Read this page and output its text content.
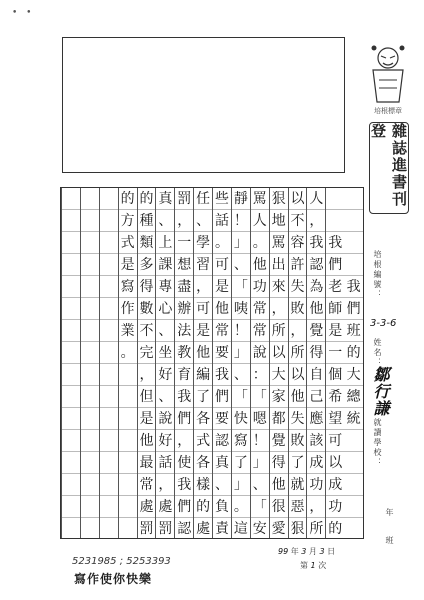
• •
培根標章
雜誌進書刊登
培根編號：
3-3-6
姓名：
鄒行謙
就讀學校：
年
班
我
們
班
的
大
總
統
我
們
老
師
是
一
個
希
望
可
以
成
功
的
人
，
我
認
為
他
覺
得
自
己
應
該
成
功
，
所
以
不
容
許
失
敗
，
所
以
他
失
敗
了
就
惡
狠
狠
地
罵
出
來
，
所
以
大
家
都
覺
得
他
很
愛
罵
人
。
他
功
常
常
說
：
「
嗯
！
」
、
「
安
靜
！
」
、
「
咦
！
」
、
「
快
寫
了
」
。
這
些
話
。
可
是
他
常
要
我
們
要
認
真
、
負
責
任
、
學
習
，
可
是
他
編
了
各
式
各
樣
的
處
罰
，
一
想
盡
辦
法
教
育
我
們
，
使
我
們
認
真
、
上
課
專
心
、
坐
好
、
說
好
話
，
處
罰
的
種
類
多
得
數
不
完
，
但
是
他
最
常
處
罰
的
方
式
是
寫
作
業
。
5231985 ; 5253393
寫作使你快樂
99 年 3 月 3 日
第 1 次
